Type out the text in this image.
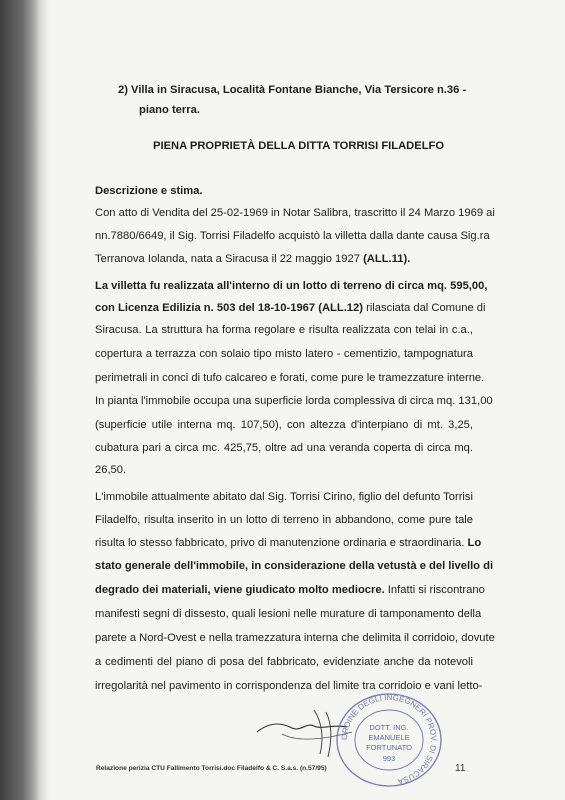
2) Villa in Siracusa, Località Fontane Bianche, Via Tersicore n.36 -
piano terra.
PIENA PROPRIETÀ DELLA DITTA TORRISI FILADELFO
Descrizione e stima.
Con atto di Vendita del 25-02-1969 in Notar Salibra, trascritto il 24 Marzo 1969 ai
nn.7880/6649, il Sig. Torrisi Filadelfo acquistò la villetta dalla dante causa Sig.ra
Terranova Iolanda, nata a Siracusa il 22 maggio 1927 (ALL.11).
La villetta fu realizzata all'interno di un lotto di terreno di circa mq. 595,00,
con Licenza Edilizia n. 503 del 18-10-1967 (ALL.12) rilasciata dal Comune di
Siracusa. La struttura ha forma regolare e risulta realizzata con telai in c.a.,
copertura a terrazza con solaio tipo misto latero - cementizio, tampognatura
perimetrali in conci di tufo calcareo e forati, come pure le tramezzature interne.
In pianta l'immobile occupa una superficie lorda complessiva di circa mq. 131,00
(superficie utile interna mq. 107,50), con altezza d'interpiano di mt. 3,25,
cubatura pari a circa mc. 425,75, oltre ad una veranda coperta di circa mq.
26,50.
L'immobile attualmente abitato dal Sig. Torrisi Cirino, figlio del defunto Torrisi
Filadelfo, risulta inserito in un lotto di terreno in abbandono, come pure tale
risulta lo stesso fabbricato, privo di manutenzione ordinaria e straordinaria. Lo
stato generale dell'immobile, in considerazione della vetustà e del livello di
degrado dei materiali, viene giudicato molto mediocre. Infatti si riscontrano
manifesti segni di dissesto, quali lesioni nelle murature di tamponamento della
parete a Nord-Ovest e nella tramezzatura interna che delimita il corridoio, dovute
a cedimenti del piano di posa del fabbricato, evidenziate anche da notevoli
irregolarità nel pavimento in corrispondenza del limite tra corridoio e vani letto-
ORDINE DEGLI INGEGNERI PROV. DI SIRACUSA
DOTT. ING.
EMANUELE
FORTUNATO
993
Relazione perizia CTU Fallimento Torrisi.doc Filadelfo & C. S.a.s. (n.57/95)	11
